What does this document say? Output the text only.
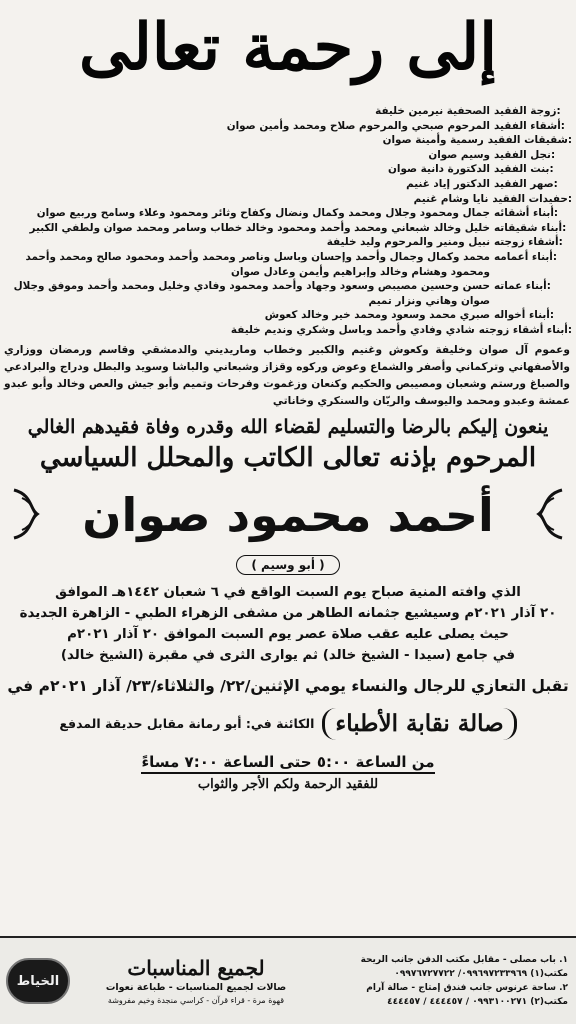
إلى رحمة تعالى
زوجة الفقيد:
الصحفية نيرمين خليفة
أشقاء الفقيد:
المرحوم صبحي والمرحوم صلاح ومحمد وأمين صوان
شقيقات الفقيد:
رسمية وأمينة صوان
نجل الفقيد:
وسيم صوان
بنت الفقيد:
الدكتورة دانية صوان
صهر الفقيد:
الدكتور إياد غنيم
حفيدات الفقيد:
نايا وشام غنيم
أبناء أشقائه:
جمال ومحمود وجلال ومحمد وكمال ونضال وكفاح وثائر ومحمود وعلاء وسامح وربيع صوان
أبناء شقيقاته:
خليل وخالد شبعاني ومحمد وأحمد ومحمود وخالد خطاب وسامر ومحمد صوان ولطفي الكبير
أشقاء زوجته:
نبيل ومنير والمرحوم وليد خليفة
أبناء أعمامه:
محمد وكمال وجمال وأحمد وإحسان وباسل وناصر ومحمد وأحمد ومحمود صالح ومحمد وأحمد ومحمود وهشام وخالد وإبراهيم وأيمن وعادل صوان
أبناء عماته:
حسن وحسين مصيبص وسعود وجهاد وأحمد ومحمود وفادي وخليل ومحمد وأحمد وموفق وجلال صوان وهاني ونزار تميم
أبناء أخواله:
صبري محمد وسعود ومحمد خير وخالد كعوش
أبناء أشقاء زوجته:
شادي وفادي وأحمد وباسل وشكري ونديم خليفة
وعموم آل صوان وخليفة وكعوش وغنيم والكبير وخطاب وماريديني والدمشقي وقاسم ورمضان ووزاري والأصفهاني وتركماني وأصفر والشماع وعوض وركوه وقزاز وشبعاني والباشا وسويد والبطل ودراج والبرادعي والصباغ ورستم وشعبان ومصيبص والحكيم وكنعان وزغموت وفرحات وتميم وأبو جيش والعص وخالد وأبو عبدو عمشة وعبدو ومحمد واليوسف والريّان والسنكري وخاناتي
ينعون إليكم بالرضا والتسليم لقضاء الله وقدره وفاة فقيدهم الغالي
المرحوم بإذنه تعالى الكاتب والمحلل السياسي
أحمد محمود صوان
( أبو وسيم )
الذي وافته المنية صباح يوم السبت الواقع في ٦ شعبان ١٤٤٢هـ الموافق
٢٠ آذار ٢٠٢١م وسيشيع جثمانه الطاهر من مشفى الزهراء الطبي - الزاهرة الجديدة
حيث يصلى عليه عقب صلاة عصر يوم السبت الموافق ٢٠ آذار ٢٠٢١م
في جامع (سيدا - الشيخ خالد) ثم يوارى الثرى في مقبرة (الشيخ خالد)
تقبل التعازي للرجال والنساء يومي الإثنين/٢٢/ والثلاثاء/٢٣/ آذار ٢٠٢١م في
صالة نقابة الأطباء
الكائنة في: أبو رمانة مقابل حديقة المدفع
من الساعة ٥:٠٠ حتى الساعة ٧:٠٠ مساءً
للفقيد الرحمة ولكم الأجر والثواب
١. باب مصلى - مقابل مكتب الدفن جانب الريحة
مكتب(١) ٠٩٩٦٩٧٢٣٣٩٦٩/ ٠٩٩٧٦٧٢٧٧٢٢
٢. ساحة عرنوس جانب فندق إمتاج - صالة آرام
مكتب(٢) ٠٩٩٣١٠٠٢٧١ / ٤٤٤٤٥٧ / ٤٤٤٤٥٧
لجميع المناسبات
صالات لجميع المناسبات - طباعة نعوات
قهوة مرة - قراء قرآن - كراسي منجدة وخيم مفروشة
الخياط
